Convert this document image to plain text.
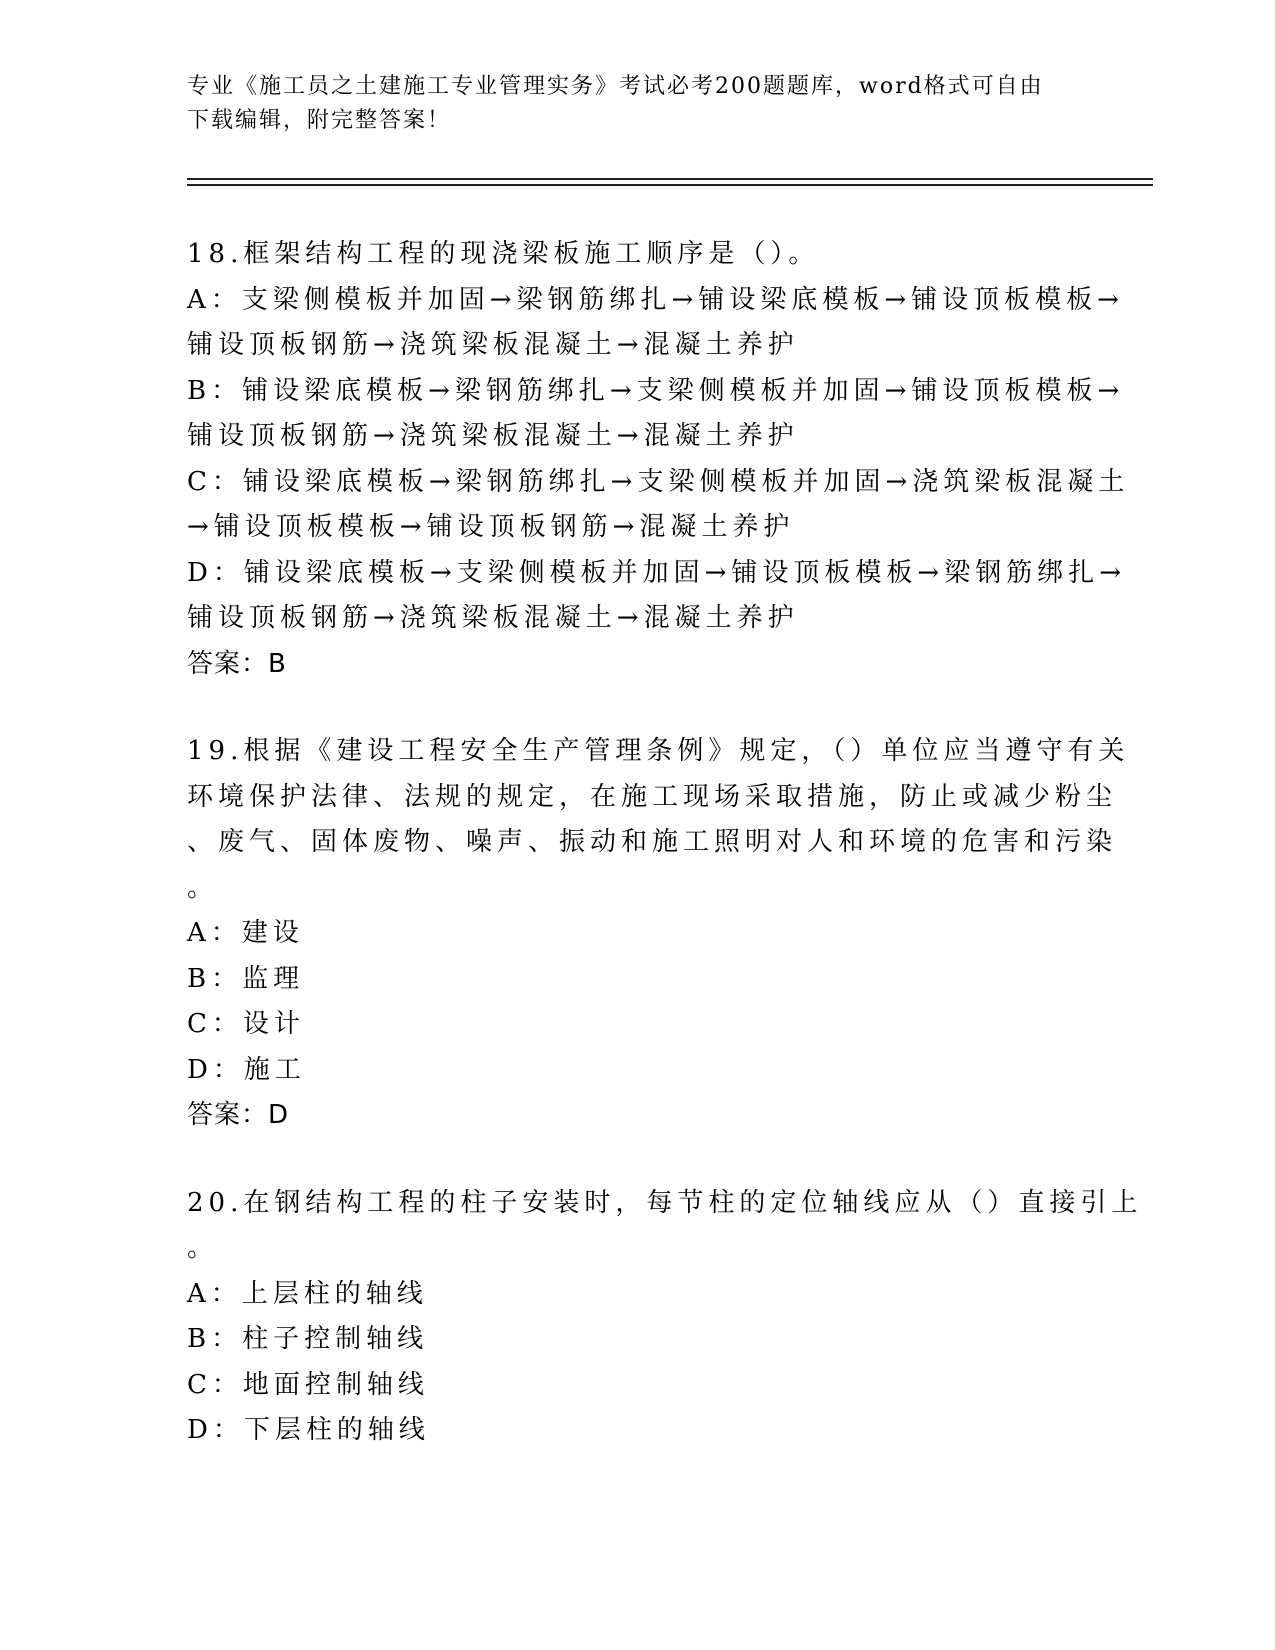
专业《施工员之土建施工专业管理实务》考试必考200题题库，word格式可自由
下载编辑，附完整答案！
18.框架结构工程的现浇梁板施工顺序是（）。
A：支梁侧模板并加固→梁钢筋绑扎→铺设梁底模板→铺设顶板模板→
铺设顶板钢筋→浇筑梁板混凝土→混凝土养护
B：铺设梁底模板→梁钢筋绑扎→支梁侧模板并加固→铺设顶板模板→
铺设顶板钢筋→浇筑梁板混凝土→混凝土养护
C：铺设梁底模板→梁钢筋绑扎→支梁侧模板并加固→浇筑梁板混凝土
→铺设顶板模板→铺设顶板钢筋→混凝土养护
D：铺设梁底模板→支梁侧模板并加固→铺设顶板模板→梁钢筋绑扎→
铺设顶板钢筋→浇筑梁板混凝土→混凝土养护
答案：B
19.根据《建设工程安全生产管理条例》规定，（）单位应当遵守有关
环境保护法律、法规的规定，在施工现场采取措施，防止或减少粉尘
、废气、固体废物、噪声、振动和施工照明对人和环境的危害和污染
。
A：建设
B：监理
C：设计
D：施工
答案：D
20.在钢结构工程的柱子安装时，每节柱的定位轴线应从（）直接引上
。
A：上层柱的轴线
B：柱子控制轴线
C：地面控制轴线
D：下层柱的轴线
